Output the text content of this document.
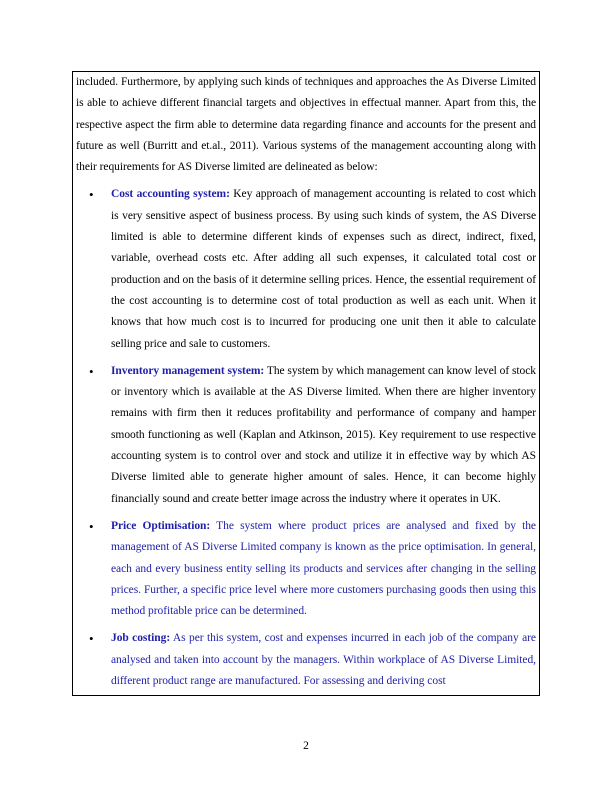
included. Furthermore, by applying such kinds of techniques and approaches the As Diverse Limited is able to achieve different financial targets and objectives in effectual manner. Apart from this, the respective aspect the firm able to determine data regarding finance and accounts for the present and future as well (Burritt and et.al., 2011). Various systems of the management accounting along with their requirements for AS Diverse limited are delineated as below:

• Cost accounting system: Key approach of management accounting is related to cost which is very sensitive aspect of business process. By using such kinds of system, the AS Diverse limited is able to determine different kinds of expenses such as direct, indirect, fixed, variable, overhead costs etc. After adding all such expenses, it calculated total cost or production and on the basis of it determine selling prices. Hence, the essential requirement of the cost accounting is to determine cost of total production as well as each unit. When it knows that how much cost is to incurred for producing one unit then it able to calculate selling price and sale to customers.
• Inventory management system: The system by which management can know level of stock or inventory which is available at the AS Diverse limited. When there are higher inventory remains with firm then it reduces profitability and performance of company and hamper smooth functioning as well (Kaplan and Atkinson, 2015). Key requirement to use respective accounting system is to control over and stock and utilize it in effective way by which AS Diverse limited able to generate higher amount of sales. Hence, it can become highly financially sound and create better image across the industry where it operates in UK.
• Price Optimisation: The system where product prices are analysed and fixed by the management of AS Diverse Limited company is known as the price optimisation. In general, each and every business entity selling its products and services after changing in the selling prices. Further, a specific price level where more customers purchasing goods then using this method profitable price can be determined.
• Job costing: As per this system, cost and expenses incurred in each job of the company are analysed and taken into account by the managers. Within workplace of AS Diverse Limited, different product range are manufactured. For assessing and deriving cost
2
